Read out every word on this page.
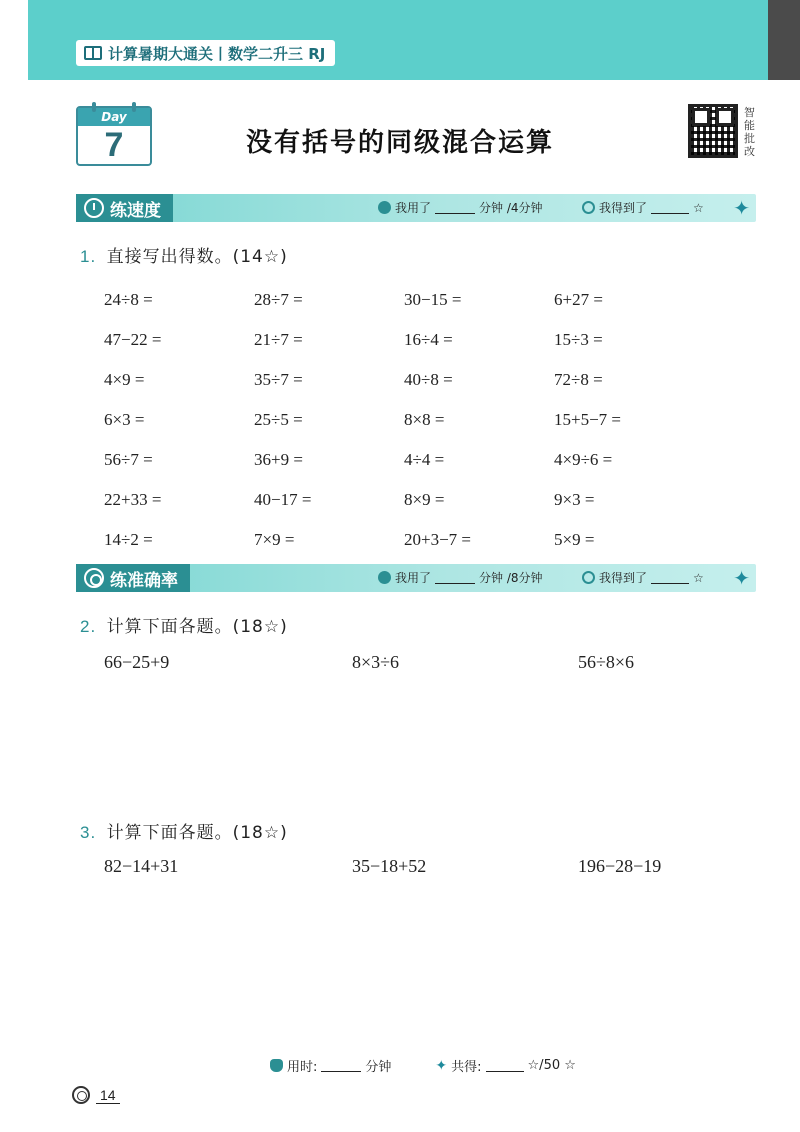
计算暑期大通关丨数学二升三 RJ
Day
7	没有括号的同级混合运算
智能批改
练速度	我用了	分钟 /4分钟	我得到了	☆ ✦
1. 直接写出得数。(14☆)
24÷8 =	28÷7 =	30−15 =	6+27 =
47−22 =	21÷7 =	16÷4 =	15÷3 =
4×9 =	35÷7 =	40÷8 =	72÷8 =
6×3 =	25÷5 =	8×8 =	15+5−7 =
56÷7 =	36+9 =	4÷4 =	4×9÷6 =
22+33 =	40−17 =	8×9 =	9×3 =
14÷2 =	7×9 =	20+3−7 =	5×9 =
练准确率	我用了	分钟 /8分钟	我得到了	☆ ✦
2. 计算下面各题。(18☆)
66−25+9	8×3÷6	56÷8×6
3. 计算下面各题。(18☆)
82−14+31	35−18+52	196−28−19
用时:	分钟	✦ 共得:	☆/50 ☆
14
